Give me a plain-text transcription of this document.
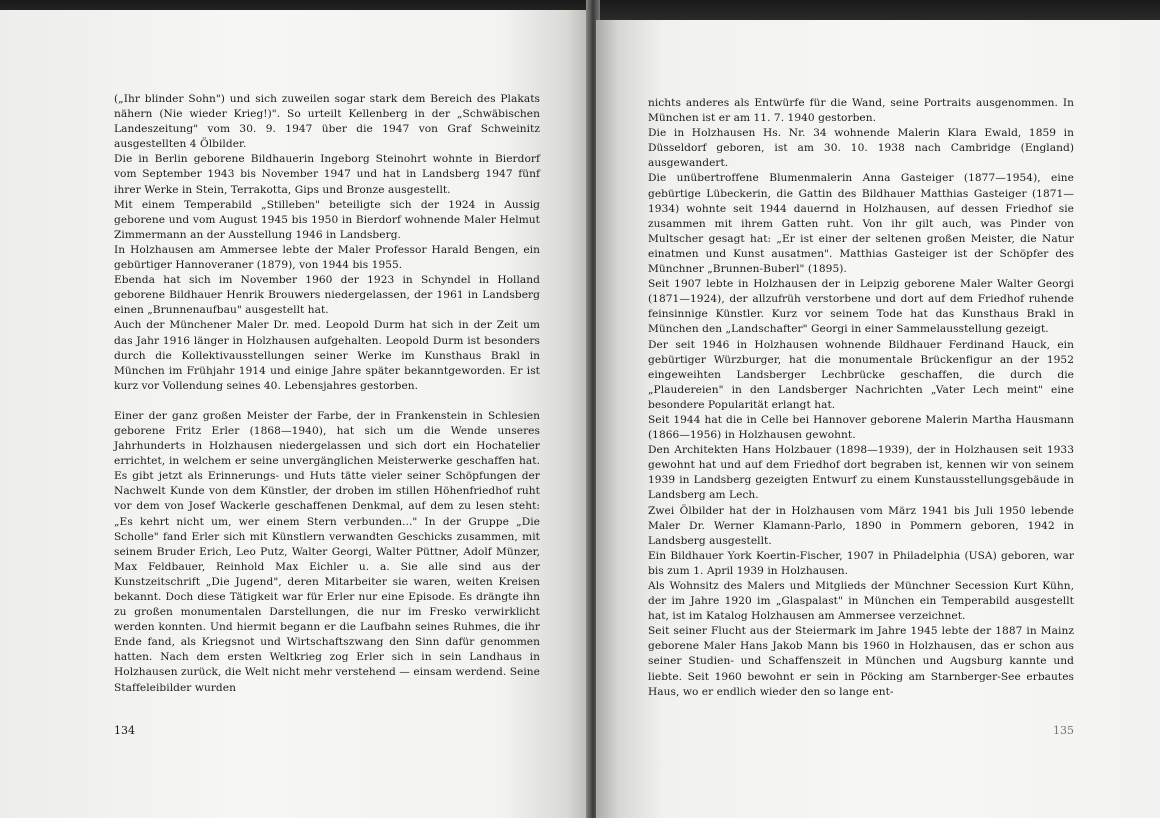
(„Ihr blinder Sohn") und sich zuweilen sogar stark dem Bereich des Plakats nähern (Nie wieder Krieg!)". So urteilt Kellenberg in der „Schwäbischen Landeszeitung" vom 30. 9. 1947 über die 1947 von Graf Schweinitz ausgestellten 4 Ölbilder.

Die in Berlin geborene Bildhauerin Ingeborg Steinohrt wohnte in Bierdorf vom September 1943 bis November 1947 und hat in Landsberg 1947 fünf ihrer Werke in Stein, Terrakotta, Gips und Bronze ausgestellt.

Mit einem Temperabild „Stilleben" beteiligte sich der 1924 in Aussig geborene und vom August 1945 bis 1950 in Bierdorf wohnende Maler Helmut Zimmermann an der Ausstellung 1946 in Landsberg.

In Holzhausen am Ammersee lebte der Maler Professor Harald Bengen, ein gebürtiger Hannoveraner (1879), von 1944 bis 1955.

Ebenda hat sich im November 1960 der 1923 in Schyndel in Holland geborene Bildhauer Henrik Brouwers niedergelassen, der 1961 in Landsberg einen „Brunnenaufbau" ausgestellt hat.

Auch der Münchener Maler Dr. med. Leopold Durm hat sich in der Zeit um das Jahr 1916 länger in Holzhausen aufgehalten. Leopold Durm ist besonders durch die Kollektivausstellungen seiner Werke im Kunsthaus Brakl in München im Frühjahr 1914 und einige Jahre später bekanntgeworden. Er ist kurz vor Vollendung seines 40. Lebensjahres gestorben.

Einer der ganz großen Meister der Farbe, der in Frankenstein in Schlesien geborene Fritz Erler (1868—1940), hat sich um die Wende unseres Jahrhunderts in Holzhausen niedergelassen und sich dort ein Hochatelier errichtet, in welchem er seine unvergänglichen Meisterwerke geschaffen hat. Es gibt jetzt als Erinnerungs- und Huts tätte vieler seiner Schöpfungen der Nachwelt Kunde von dem Künstler, der droben im stillen Höhenfriedhof ruht vor dem von Josef Wackerle geschaffenen Denkmal, auf dem zu lesen steht: „Es kehrt nicht um, wer einem Stern verbunden..." In der Gruppe „Die Scholle" fand Erler sich mit Künstlern verwandten Geschicks zusammen, mit seinem Bruder Erich, Leo Putz, Walter Georgi, Walter Püttner, Adolf Münzer, Max Feldbauer, Reinhold Max Eichler u. a. Sie alle sind aus der Kunstzeitschrift „Die Jugend", deren Mitarbeiter sie waren, weiten Kreisen bekannt. Doch diese Tätigkeit war für Erler nur eine Episode. Es drängte ihn zu großen monumentalen Darstellungen, die nur im Fresko verwirklicht werden konnten. Und hiermit begann er die Laufbahn seines Ruhmes, die ihr Ende fand, als Kriegsnot und Wirtschaftszwang den Sinn dafür genommen hatten. Nach dem ersten Weltkrieg zog Erler sich in sein Landhaus in Holzhausen zurück, die Welt nicht mehr verstehend — einsam werdend. Seine Staffeleibilder wurden

134

nichts anderes als Entwürfe für die Wand, seine Portraits ausgenommen. In München ist er am 11. 7. 1940 gestorben.

Die in Holzhausen Hs. Nr. 34 wohnende Malerin Klara Ewald, 1859 in Düsseldorf geboren, ist am 30. 10. 1938 nach Cambridge (England) ausgewandert.

Die unübertroffene Blumenmalerin Anna Gasteiger (1877—1954), eine gebürtige Lübeckerin, die Gattin des Bildhauer Matthias Gasteiger (1871—1934) wohnte seit 1944 dauernd in Holzhausen, auf dessen Friedhof sie zusammen mit ihrem Gatten ruht. Von ihr gilt auch, was Pinder von Multscher gesagt hat: „Er ist einer der seltenen großen Meister, die Natur einatmen und Kunst ausatmen". Matthias Gasteiger ist der Schöpfer des Münchner „Brunnen-Buberl" (1895).

Seit 1907 lebte in Holzhausen der in Leipzig geborene Maler Walter Georgi (1871—1924), der allzufrüh verstorbene und dort auf dem Friedhof ruhende feinsinnige Künstler. Kurz vor seinem Tode hat das Kunsthaus Brakl in München den „Landschafter" Georgi in einer Sammelausstellung gezeigt.

Der seit 1946 in Holzhausen wohnende Bildhauer Ferdinand Hauck, ein gebürtiger Würzburger, hat die monumentale Brückenfigur an der 1952 eingeweihten Landsberger Lechbrücke geschaffen, die durch die „Plaudereien" in den Landsberger Nachrichten „Vater Lech meint" eine besondere Popularität erlangt hat.

Seit 1944 hat die in Celle bei Hannover geborene Malerin Martha Hausmann (1866—1956) in Holzhausen gewohnt.

Den Architekten Hans Holzbauer (1898—1939), der in Holzhausen seit 1933 gewohnt hat und auf dem Friedhof dort begraben ist, kennen wir von seinem 1939 in Landsberg gezeigten Entwurf zu einem Kunstausstellungsgebäude in Landsberg am Lech.

Zwei Ölbilder hat der in Holzhausen vom März 1941 bis Juli 1950 lebende Maler Dr. Werner Klamann-Parlo, 1890 in Pommern geboren, 1942 in Landsberg ausgestellt.

Ein Bildhauer York Koertin-Fischer, 1907 in Philadelphia (USA) geboren, war bis zum 1. April 1939 in Holzhausen.

Als Wohnsitz des Malers und Mitglieds der Münchner Secession Kurt Kühn, der im Jahre 1920 im „Glaspalast" in München ein Temperabild ausgestellt hat, ist im Katalog Holzhausen am Ammersee verzeichnet.

Seit seiner Flucht aus der Steiermark im Jahre 1945 lebte der 1887 in Mainz geborene Maler Hans Jakob Mann bis 1960 in Holzhausen, das er schon aus seiner Studien- und Schaffenszeit in München und Augsburg kannte und liebte. Seit 1960 bewohnt er sein in Pöcking am Starnberger-See erbautes Haus, wo er endlich wieder den so lange ent-

135
